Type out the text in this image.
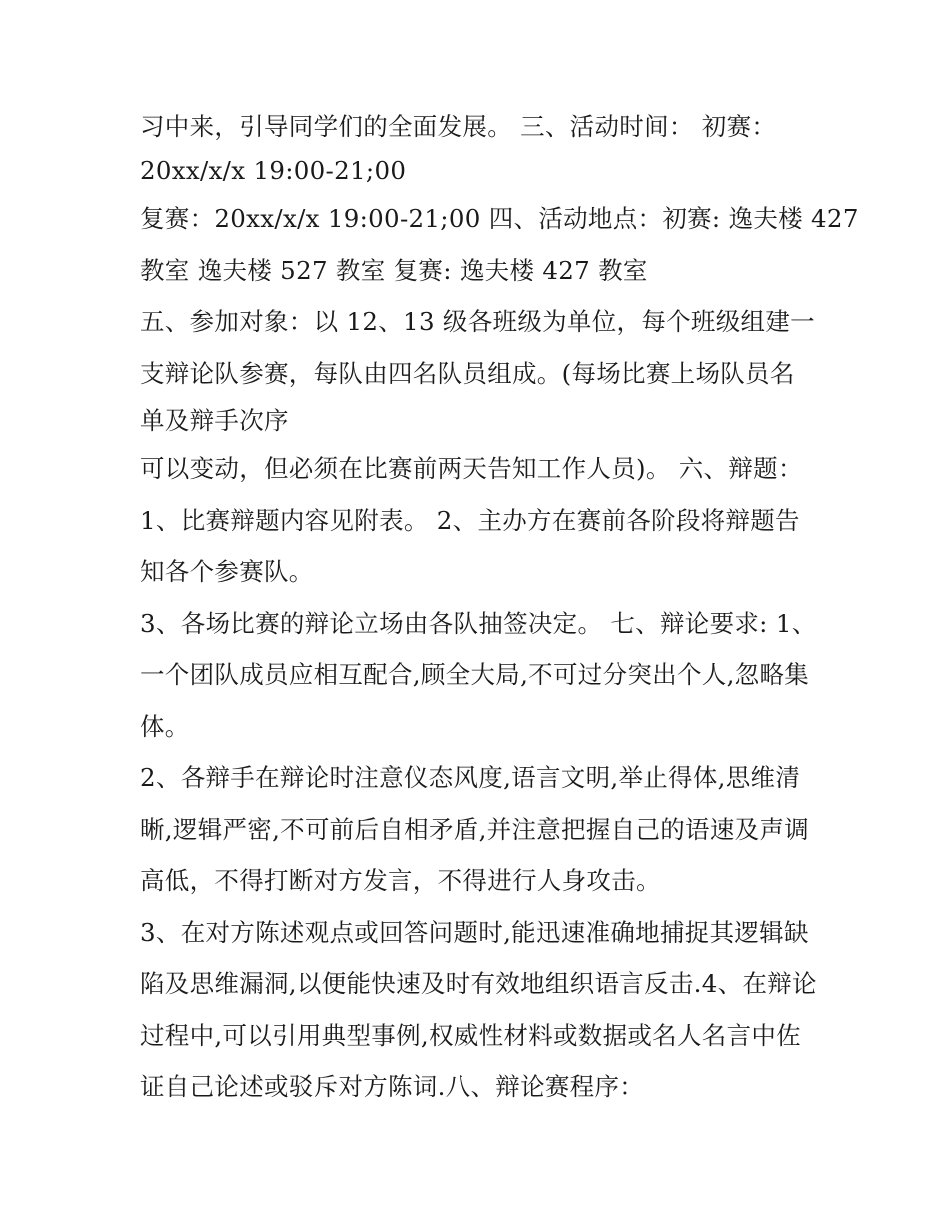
习中来，引导同学们的全面发展。 三、活动时间： 初赛：
20xx/x/x 19:00-21;00
复赛：20xx/x/x 19:00-21;00 四、活动地点：初赛: 逸夫楼 427
教室 逸夫楼 527 教室 复赛: 逸夫楼 427 教室
五、参加对象：以 12、13 级各班级为单位，每个班级组建一
支辩论队参赛，每队由四名队员组成。(每场比赛上场队员名
单及辩手次序
可以变动，但必须在比赛前两天告知工作人员)。 六、辩题：
1、比赛辩题内容见附表。 2、主办方在赛前各阶段将辩题告
知各个参赛队。
3、各场比赛的辩论立场由各队抽签决定。 七、辩论要求: 1、
一个团队成员应相互配合,顾全大局,不可过分突出个人,忽略集
体。
2、各辩手在辩论时注意仪态风度,语言文明,举止得体,思维清
晰,逻辑严密,不可前后自相矛盾,并注意把握自己的语速及声调
高低，不得打断对方发言，不得进行人身攻击。
3、在对方陈述观点或回答问题时,能迅速准确地捕捉其逻辑缺
陷及思维漏洞,以便能快速及时有效地组织语言反击.4、在辩论
过程中,可以引用典型事例,权威性材料或数据或名人名言中佐
证自己论述或驳斥对方陈词.八、辩论赛程序：
